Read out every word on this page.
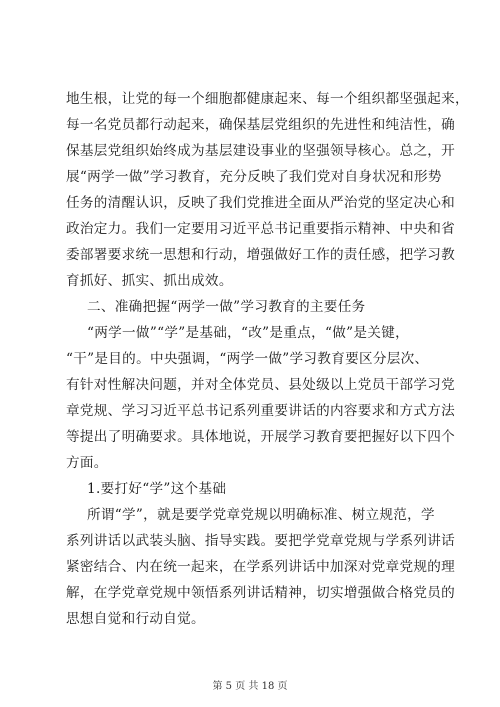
地生根，让党的每一个细胞都健康起来、每一个组织都坚强起来，
每一名党员都行动起来，确保基层党组织的先进性和纯洁性，确
保基层党组织始终成为基层建设事业的坚强领导核心。总之，开
展“两学一做”学习教育，充分反映了我们党对自身状况和形势
任务的清醒认识，反映了我们党推进全面从严治党的坚定决心和
政治定力。我们一定要用习近平总书记重要指示精神、中央和省
委部署要求统一思想和行动，增强做好工作的责任感，把学习教
育抓好、抓实、抓出成效。
二、准确把握“两学一做”学习教育的主要任务
“两学一做”“学”是基础，“改”是重点，“做”是关键，
“干”是目的。中央强调，“两学一做”学习教育要区分层次、
有针对性解决问题，并对全体党员、县处级以上党员干部学习党
章党规、学习习近平总书记系列重要讲话的内容要求和方式方法
等提出了明确要求。具体地说，开展学习教育要把握好以下四个
方面。
1.要打好“学”这个基础
所谓“学”，就是要学党章党规以明确标准、树立规范，学
系列讲话以武装头脑、指导实践。要把学党章党规与学系列讲话
紧密结合、内在统一起来，在学系列讲话中加深对党章党规的理
解，在学党章党规中领悟系列讲话精神，切实增强做合格党员的
思想自觉和行动自觉。
第 5 页 共 18 页
